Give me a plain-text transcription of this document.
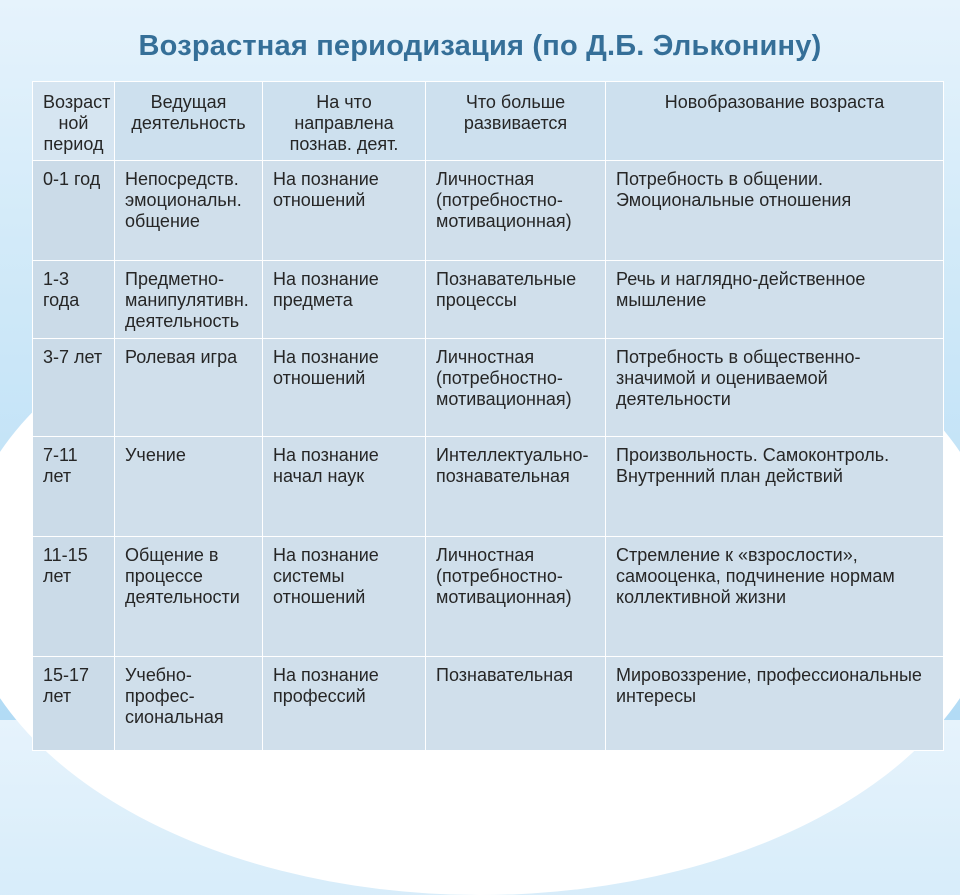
Возрастная периодизация (по Д.Б. Эльконину)
Возраст ной период	Ведущая деятельность	На что направлена познав. деят.	Что больше развивается	Новобразование возраста
0-1 год	Непосредств. эмоциональн. общение	На познание отношений	Личностная (потребностно-мотивационная)	Потребность в общении. Эмоциональные отношения
1-3 года	Предметно-манипулятивн. деятельность	На познание предмета	Познавательные процессы	Речь и наглядно-действенное мышление
3-7 лет	Ролевая игра	На познание отношений	Личностная (потребностно-мотивационная)	Потребность в общественно-значимой и оцениваемой деятельности
7-11 лет	Учение	На познание начал наук	Интеллектуально-познавательная	Произвольность. Самоконтроль. Внутренний план действий
11-15 лет	Общение в процессе деятельности	На познание системы отношений	Личностная (потребностно-мотивационная)	Стремление к «взрослости», самооценка, подчинение нормам коллективной жизни
15-17 лет	Учебно-профес-сиональная	На познание профессий	Познавательная	Мировоззрение, профессиональные интересы
